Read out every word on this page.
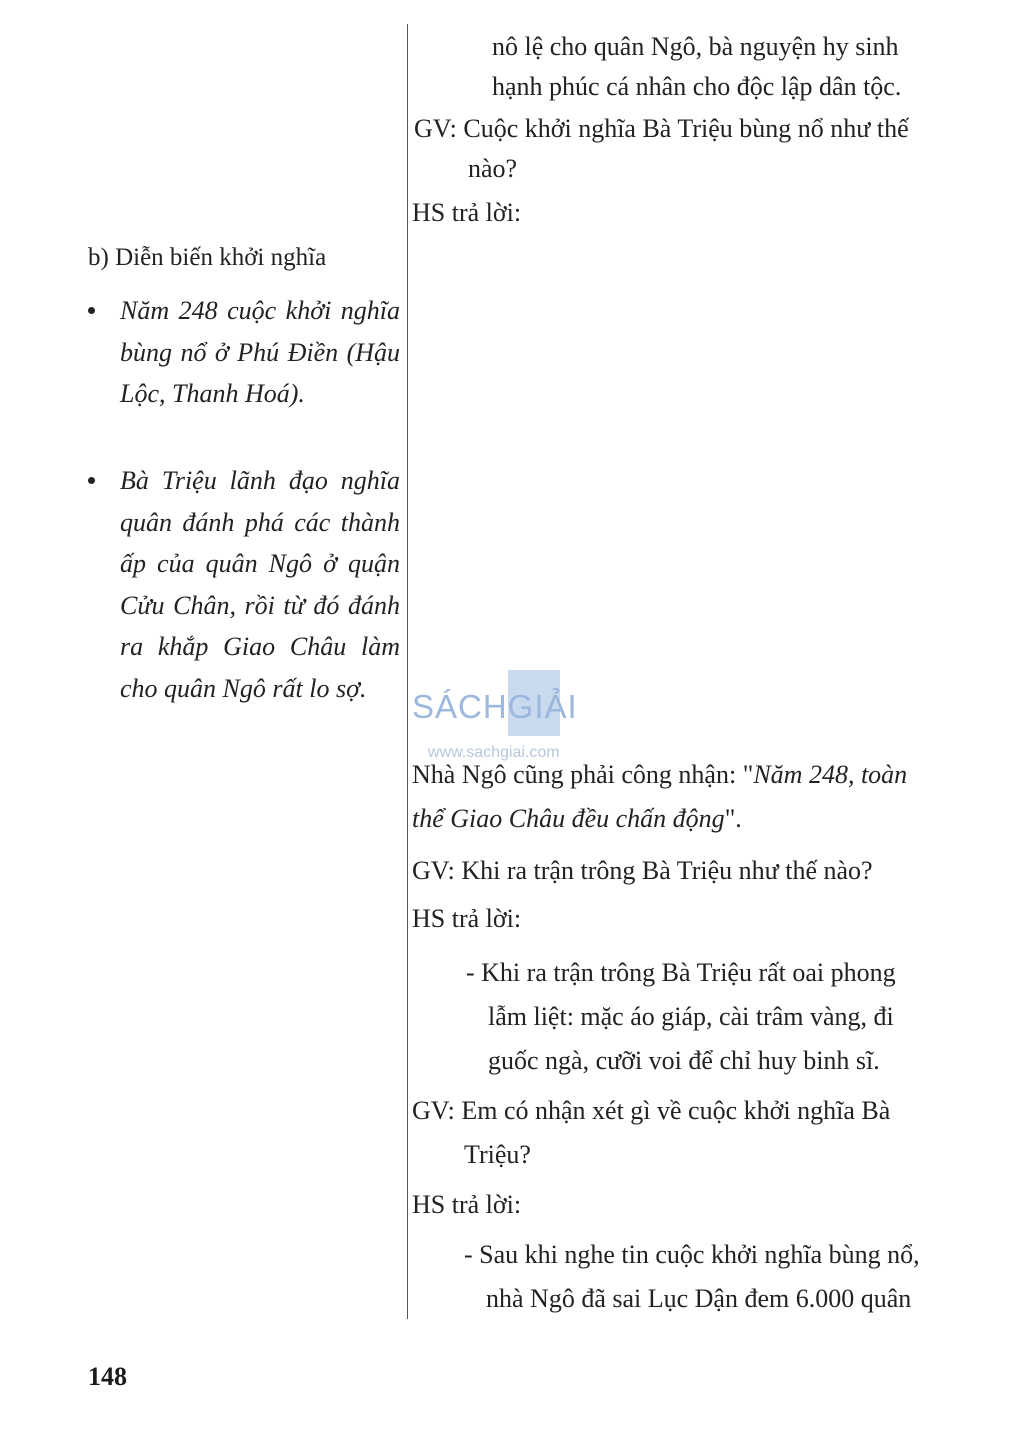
b) Diễn biến khởi nghĩa
Năm 248 cuộc khởi nghĩa bùng nổ ở Phú Điền (Hậu Lộc, Thanh Hoá).
Bà Triệu lãnh đạo nghĩa quân đánh phá các thành ấp của quân Ngô ở quận Cửu Chân, rồi từ đó đánh ra khắp Giao Châu làm cho quân Ngô rất lo sợ.
nô lệ cho quân Ngô, bà nguyện hy sinh
hạnh phúc cá nhân cho độc lập dân tộc.
GV: Cuộc khởi nghĩa Bà Triệu bùng nổ như thế
nào?
HS trả lời:
Nhà Ngô cũng phải công nhận: "Năm 248, toàn
thể Giao Châu đều chấn động".
GV: Khi ra trận trông Bà Triệu như thế nào?
HS trả lời:
- Khi ra trận trông Bà Triệu rất oai phong
lẫm liệt: mặc áo giáp, cài trâm vàng, đi
guốc ngà, cưỡi voi để chỉ huy binh sĩ.
GV: Em có nhận xét gì về cuộc khởi nghĩa Bà
Triệu?
HS trả lời:
- Sau khi nghe tin cuộc khởi nghĩa bùng nổ,
nhà Ngô đã sai Lục Dận đem 6.000 quân
SÁCHGIẢI
www.sachgiai.com
148
